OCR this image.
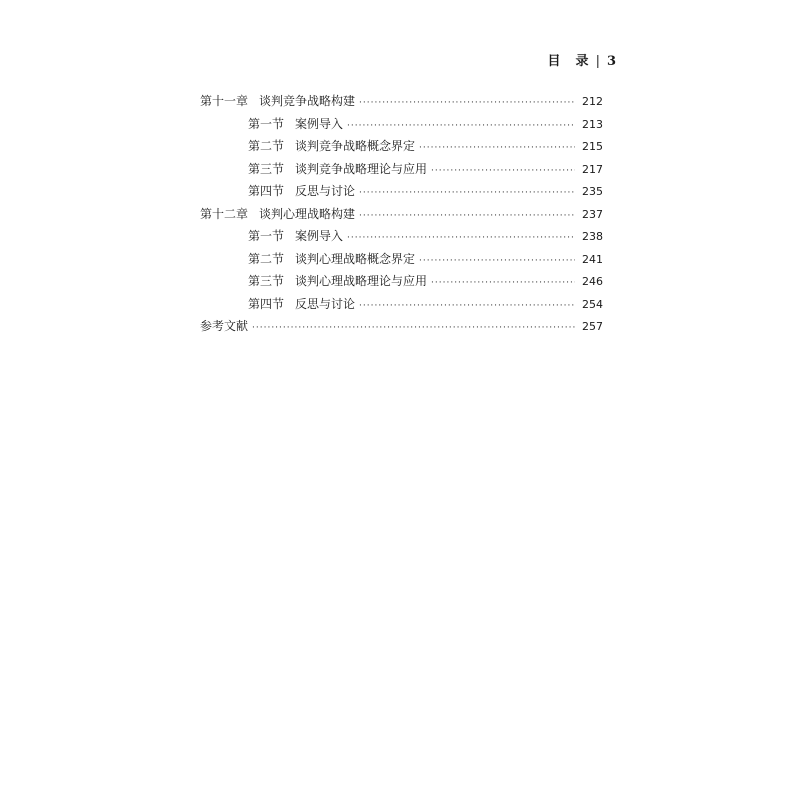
目　录 | 3
第十一章 谈判竞争战略构建 ·····	212
第一节 案例导入 ·····	213
第二节 谈判竞争战略概念界定 ·····	215
第三节 谈判竞争战略理论与应用 ·····	217
第四节 反思与讨论 ·····	235
第十二章 谈判心理战略构建 ·····	237
第一节 案例导入 ·····	238
第二节 谈判心理战略概念界定 ·····	241
第三节 谈判心理战略理论与应用 ·····	246
第四节 反思与讨论 ·····	254
参考文献 ·····	257
